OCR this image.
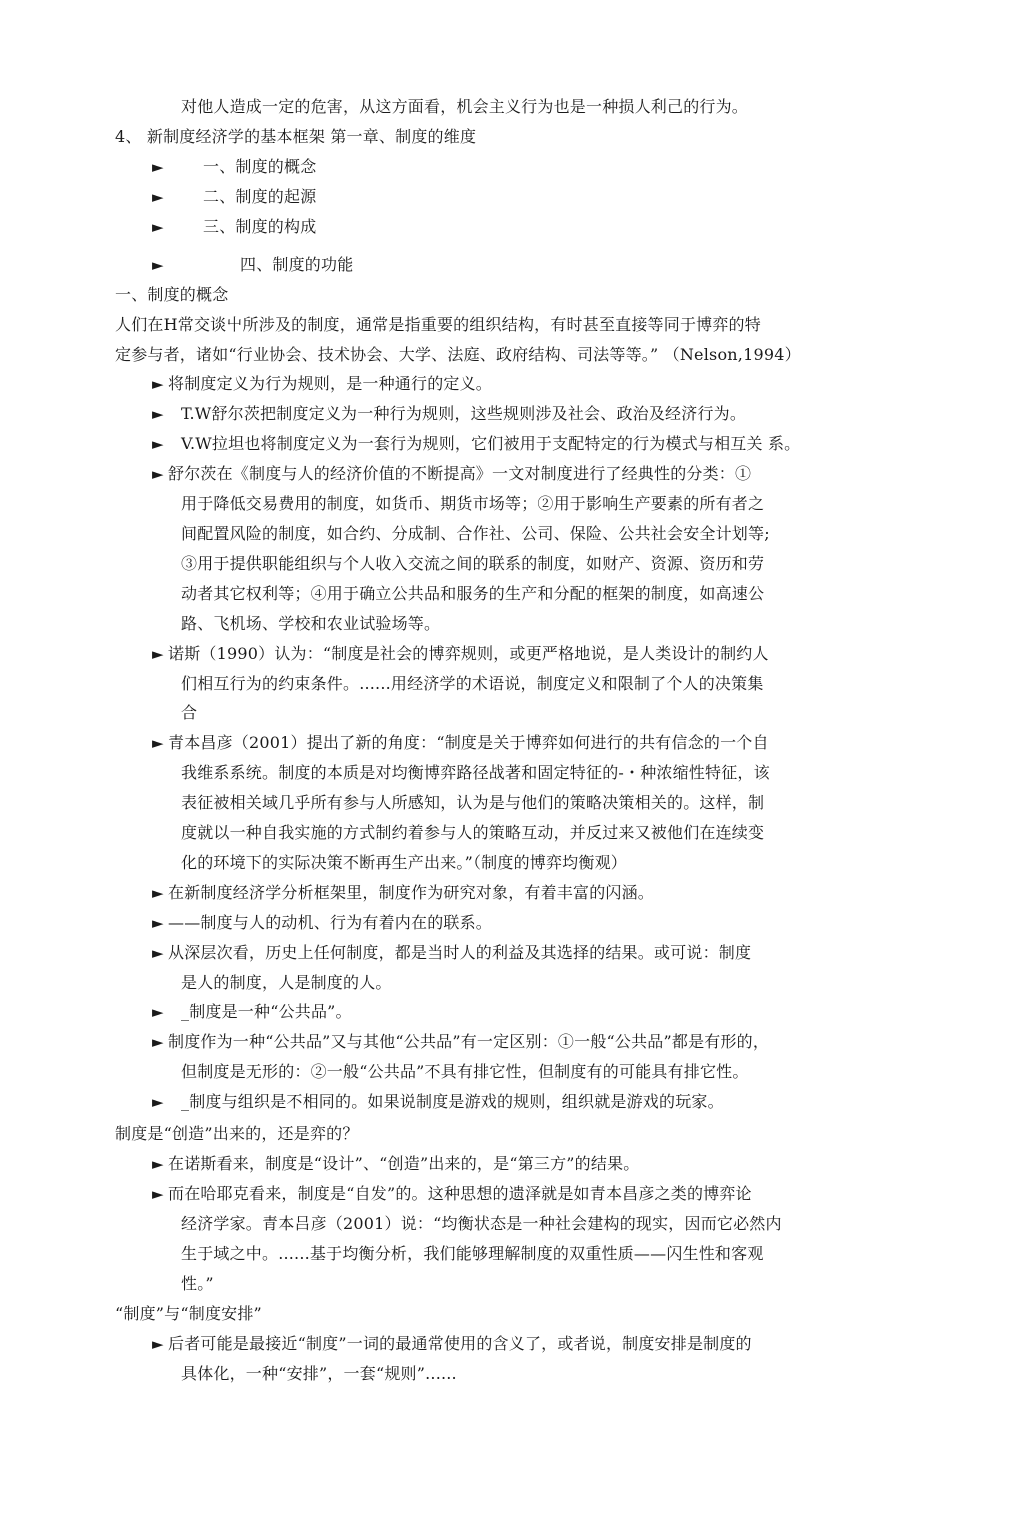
对他人造成一定的危害，从这方面看，机会主义行为也是一种损人利己的行为。
4、 新制度经济学的基本框架 第一章、制度的维度
► 一、制度的概念
► 二、制度的起源
► 三、制度的构成
►	四、制度的功能
一、制度的概念
人们在H常交谈屮所涉及的制度，通常是指重要的组织结构，有时甚至直接等同于博弈的特
定参与者，诸如“行业协会、技术协会、大学、法庭、政府结构、司法等等。” （Nelson,1994）
► 将制度定义为行为规则，是一种通行的定义。
► T.W舒尔茨把制度定义为一种行为规则，这些规则涉及社会、政治及经济行为。
► V.W拉坦也将制度定义为一套行为规则，它们被用于支配特定的行为模式与相互关 系。
► 舒尔茨在《制度与人的经济价值的不断提高》一文对制度进行了经典性的分类：①
用于降低交易费用的制度，如货币、期货市场等；②用于影响生产要素的所有者之
间配置风险的制度，如合约、分成制、合作社、公司、保险、公共社会安全计划等;
③用于提供职能组织与个人收入交流之间的联系的制度，如财产、资源、资历和劳
动者其它权利等；④用于确立公共品和服务的生产和分配的框架的制度，如高速公
路、飞机场、学校和农业试验场等。
► 诺斯（1990）认为：“制度是社会的博弈规则，或更严格地说，是人类设计的制约人
们相互行为的约束条件。......用经济学的术语说，制度定义和限制了个人的决策集
合
► 青本昌彦（2001）提出了新的角度：“制度是关于博弈如何进行的共有信念的一个自
我维系系统。制度的本质是对均衡博弈路径战著和固定特征的-・种浓缩性特征，该
表征被相关域几乎所有参与人所感知，认为是与他们的策略决策相关的。这样，制
度就以一种自我实施的方式制约着参与人的策略互动，并反过来又被他们在连续变
化的环境下的实际决策不断再生产出来。”（制度的博弈均衡观）
► 在新制度经济学分析框架里，制度作为研究对象，有着丰富的闪涵。
► ——制度与人的动机、行为有着内在的联系。
► 从深层次看，历史上任何制度，都是当时人的利益及其选择的结果。或可说：制度
是人的制度，人是制度的人。
► _制度是一种“公共品”。
► 制度作为一种“公共品”又与其他“公共品”有一定区别：①一般“公共品”都是有形的，
但制度是无形的：②一般“公共品”不具有排它性，但制度有的可能具有排它性。
► _制度与组织是不相同的。如果说制度是游戏的规则，组织就是游戏的玩家。
制度是“创造”出来的，还是弈的？
► 在诺斯看来，制度是“设计”、“创造”出来的，是“第三方”的结果。
► 而在哈耶克看来，制度是“自发”的。这种思想的遗泽就是如青本昌彦之类的博弈论
经济学家。青本吕彦（2001）说：“均衡状态是一种社会建构的现实，因而它必然内
生于域之中。......基于均衡分析，我们能够理解制度的双重性质——闪生性和客观
性。”
“制度”与“制度安排”
► 后者可能是最接近“制度”一词的最通常使用的含义了，或者说，制度安排是制度的
具体化，一种“安排”，一套“规则”......
